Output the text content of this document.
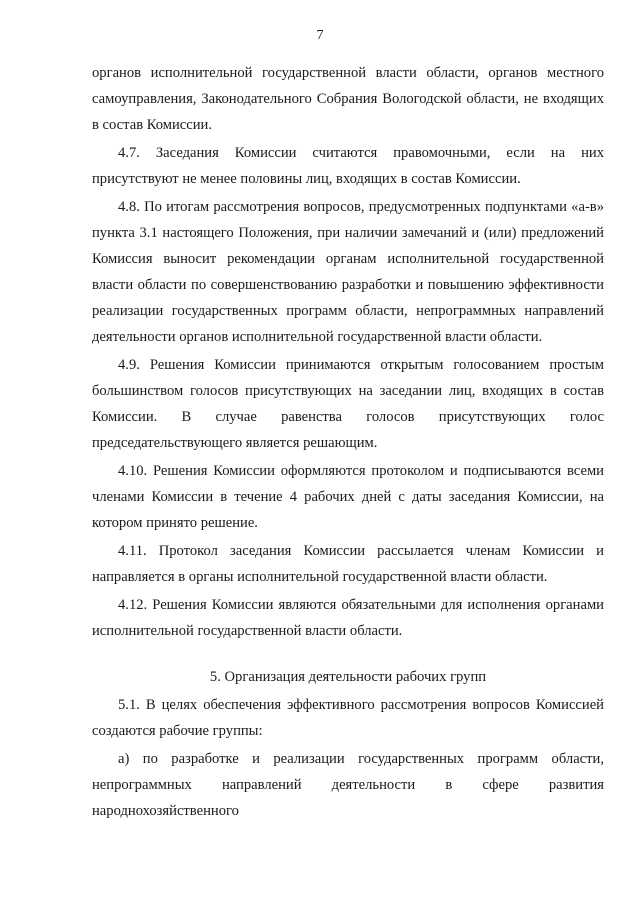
7

органов исполнительной государственной власти области, органов местного самоуправления, Законодательного Собрания Вологодской области, не входящих в состав Комиссии.

4.7. Заседания Комиссии считаются правомочными, если на них присутствуют не менее половины лиц, входящих в состав Комиссии.

4.8. По итогам рассмотрения вопросов, предусмотренных подпунктами «а-в» пункта 3.1 настоящего Положения, при наличии замечаний и (или) предложений Комиссия выносит рекомендации органам исполнительной государственной власти области по совершенствованию разработки и повышению эффективности реализации государственных программ области, непрограммных направлений деятельности органов исполнительной государственной власти области.

4.9. Решения Комиссии принимаются открытым голосованием простым большинством голосов присутствующих на заседании лиц, входящих в состав Комиссии. В случае равенства голосов присутствующих голос председательствующего является решающим.

4.10. Решения Комиссии оформляются протоколом и подписываются всеми членами Комиссии в течение 4 рабочих дней с даты заседания Комиссии, на котором принято решение.

4.11. Протокол заседания Комиссии рассылается членам Комиссии и направляется в органы исполнительной государственной власти области.

4.12. Решения Комиссии являются обязательными для исполнения органами исполнительной государственной власти области.

5. Организация деятельности рабочих групп

5.1. В целях обеспечения эффективного рассмотрения вопросов Комиссией создаются рабочие группы:

а) по разработке и реализации государственных программ области, непрограммных направлений деятельности в сфере развития народнохозяйственного
